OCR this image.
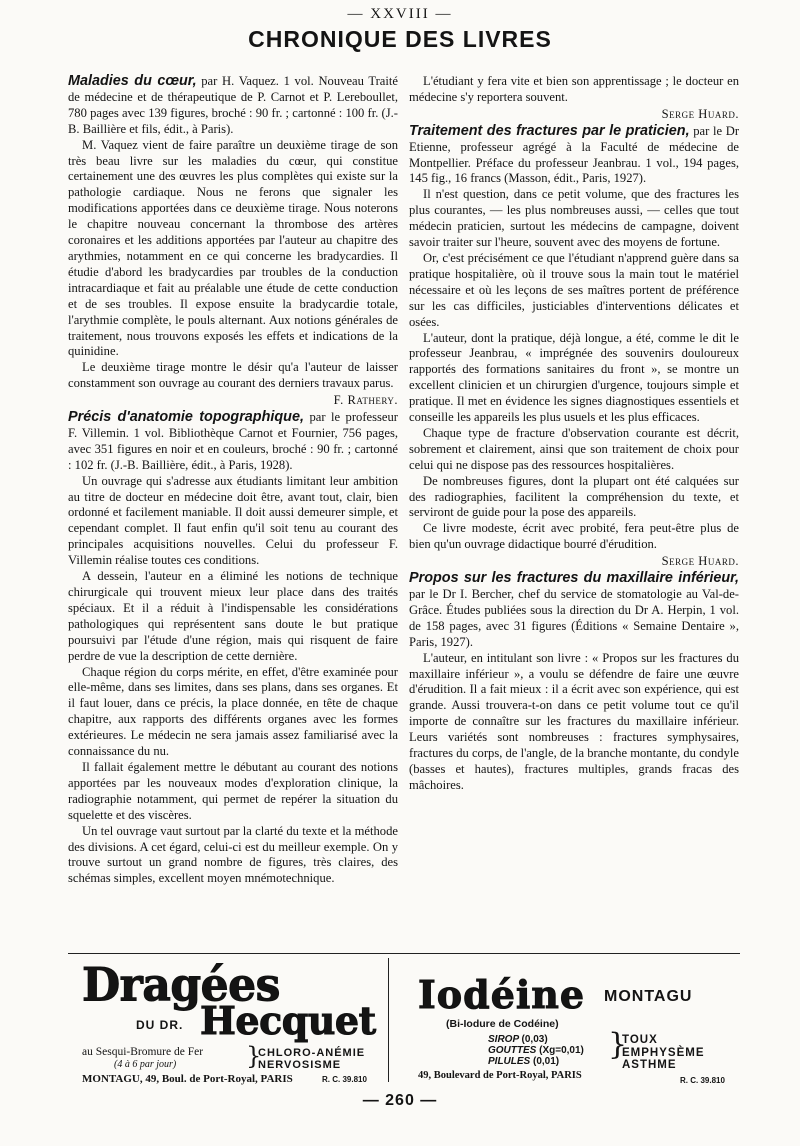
— XXVIII —
CHRONIQUE DES LIVRES

Maladies du cœur, par H. Vaquez. 1 vol. Nouveau Traité de médecine et de thérapeutique de P. Carnot et P. Lereboullet, 780 pages avec 139 figures, broché : 90 fr. ; cartonné : 100 fr. (J.-B. Baillière et fils, édit., à Paris).

M. Vaquez vient de faire paraître un deuxième tirage de son très beau livre sur les maladies du cœur, qui constitue certainement une des œuvres les plus complètes qui existe sur la pathologie cardiaque. Nous ne ferons que signaler les modifications apportées dans ce deuxième tirage. Nous noterons le chapitre nouveau concernant la thrombose des artères coronaires et les additions apportées par l'auteur au chapitre des arythmies, notamment en ce qui concerne les bradycardies. Il étudie d'abord les bradycardies par troubles de la conduction intracardiaque et fait au préalable une étude de cette conduction et de ses troubles. Il expose ensuite la bradycardie totale, l'arythmie complète, le pouls alternant. Aux notions générales de traitement, nous trouvons exposés les effets et indications de la quinidine.

Le deuxième tirage montre le désir qu'a l'auteur de laisser constamment son ouvrage au courant des derniers travaux parus.

F. Rathery.

Précis d'anatomie topographique, par le professeur F. Villemin. 1 vol. Bibliothèque Carnot et Fournier, 756 pages, avec 351 figures en noir et en couleurs, broché : 90 fr. ; cartonné : 102 fr. (J.-B. Baillière, édit., à Paris, 1928).

Un ouvrage qui s'adresse aux étudiants limitant leur ambition au titre de docteur en médecine doit être, avant tout, clair, bien ordonné et facilement maniable. Il doit aussi demeurer simple, et cependant complet. Il faut enfin qu'il soit tenu au courant des principales acquisitions nouvelles. Celui du professeur F. Villemin réalise toutes ces conditions.

A dessein, l'auteur en a éliminé les notions de technique chirurgicale qui trouvent mieux leur place dans des traités spéciaux. Et il a réduit à l'indispensable les considérations pathologiques qui représentent sans doute le but pratique poursuivi par l'étude d'une région, mais qui risquent de faire perdre de vue la description de cette dernière.

Chaque région du corps mérite, en effet, d'être examinée pour elle-même, dans ses limites, dans ses plans, dans ses organes. Et il faut louer, dans ce précis, la place donnée, en tête de chaque chapitre, aux rapports des différents organes avec les formes extérieures. Le médecin ne sera jamais assez familiarisé avec la connaissance du nu.

Il fallait également mettre le débutant au courant des notions apportées par les nouveaux modes d'exploration clinique, la radiographie notamment, qui permet de repérer la situation du squelette et des viscères.

Un tel ouvrage vaut surtout par la clarté du texte et la méthode des divisions. A cet égard, celui-ci est du meilleur exemple. On y trouve surtout un grand nombre de figures, très claires, des schémas simples, excellent moyen mnémotechnique.

L'étudiant y fera vite et bien son apprentissage ; le docteur en médecine s'y reportera souvent.

Serge Huard.

Traitement des fractures par le praticien, par le Dr Etienne, professeur agrégé à la Faculté de médecine de Montpellier. Préface du professeur Jeanbrau. 1 vol., 194 pages, 145 fig., 16 francs (Masson, édit., Paris, 1927).

Il n'est question, dans ce petit volume, que des fractures les plus courantes, — les plus nombreuses aussi, — celles que tout médecin praticien, surtout les médecins de campagne, doivent savoir traiter sur l'heure, souvent avec des moyens de fortune.

Or, c'est précisément ce que l'étudiant n'apprend guère dans sa pratique hospitalière, où il trouve sous la main tout le matériel nécessaire et où les leçons de ses maîtres portent de préférence sur les cas difficiles, justiciables d'interventions délicates et osées.

L'auteur, dont la pratique, déjà longue, a été, comme le dit le professeur Jeanbrau, « imprégnée des souvenirs douloureux rapportés des formations sanitaires du front », se montre un excellent clinicien et un chirurgien d'urgence, toujours simple et pratique. Il met en évidence les signes diagnostiques essentiels et conseille les appareils les plus usuels et les plus efficaces.

Chaque type de fracture d'observation courante est décrit, sobrement et clairement, ainsi que son traitement de choix pour celui qui ne dispose pas des ressources hospitalières.

De nombreuses figures, dont la plupart ont été calquées sur des radiographies, facilitent la compréhension du texte, et serviront de guide pour la pose des appareils.

Ce livre modeste, écrit avec probité, fera peut-être plus de bien qu'un ouvrage didactique bourré d'érudition.

Serge Huard.

Propos sur les fractures du maxillaire inférieur, par le Dr I. Bercher, chef du service de stomatologie au Val-de-Grâce. Études publiées sous la direction du Dr A. Herpin, 1 vol. de 158 pages, avec 31 figures (Éditions « Semaine Dentaire », Paris, 1927).

L'auteur, en intitulant son livre : « Propos sur les fractures du maxillaire inférieur », a voulu se défendre de faire une œuvre d'érudition. Il a fait mieux : il a écrit avec son expérience, qui est grande. Aussi trouvera-t-on dans ce petit volume tout ce qu'il importe de connaître sur les fractures du maxillaire inférieur. Leurs variétés sont nombreuses : fractures symphysaires, fractures du corps, de l'angle, de la branche montante, du condyle (basses et hautes), fractures multiples, grands fracas des mâchoires.

Dragées
DU DR. Hecquet
au Sesqui-Bromure de Fer
(4 à 6 par jour)	}
CHLORO-ANÉMIE
NERVOSISME
MONTAGU, 49, Boul. de Port-Royal, PARIS	R. C. 39.810
Iodéine MONTAGU
(Bi-Iodure de Codéine)
SIROP (0,03)
GOUTTES (Xg=0,01)
PILULES (0,01)	}
TOUX
EMPHYSÈME
ASTHME
49, Boulevard de Port-Royal, PARIS	R. C. 39.810
— 260 —
